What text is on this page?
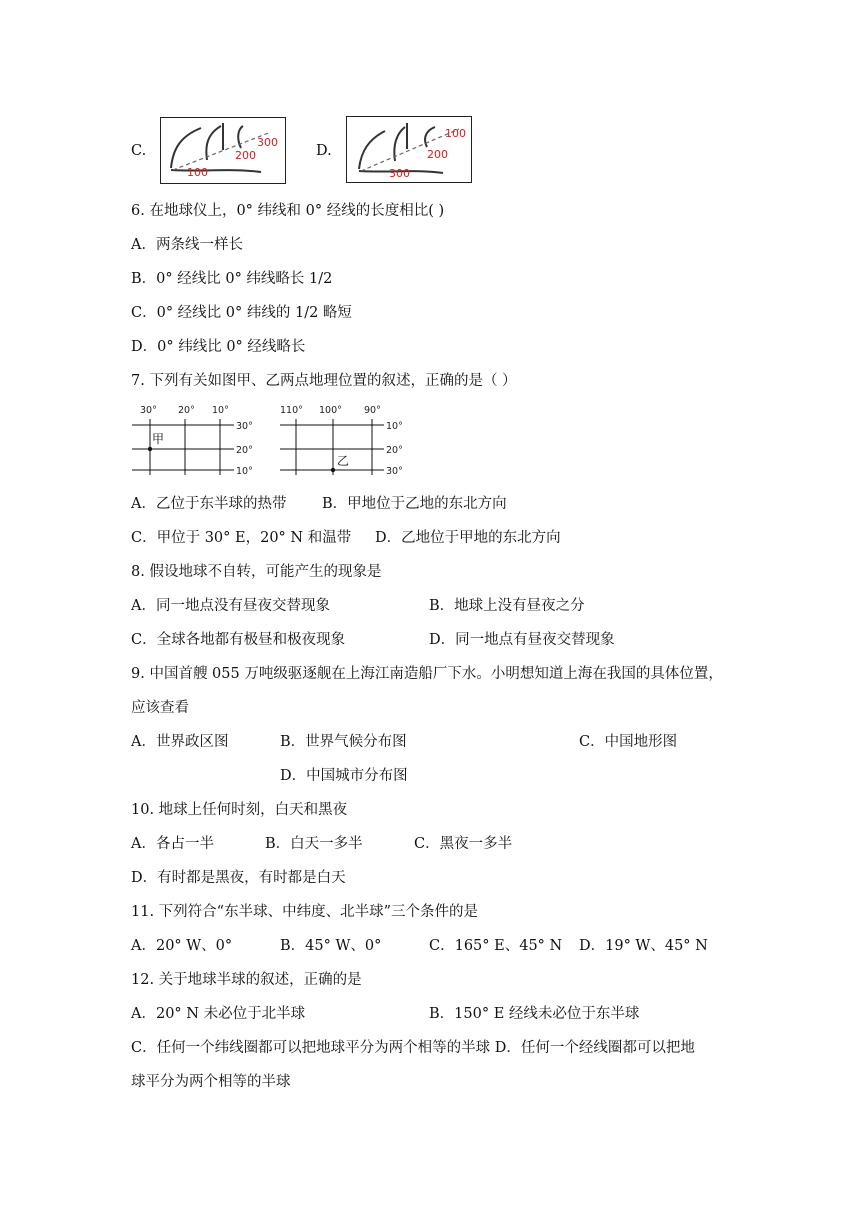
C.
300
200
100
D.
100
200
300
6. 在地球仪上，0° 纬线和 0° 经线的长度相比( )
A．两条线一样长
B．0° 经线比 0° 纬线略长 1/2
C．0° 经线比 0° 纬线的 1/2 略短
D．0° 纬线比 0° 经线略长
7. 下列有关如图甲、乙两点地理位置的叙述，正确的是（ ）
30° 20° 10°
30°
20°
10°
甲
110° 100° 90°
10°
20°
30°
乙
A．乙位于东半球的热带 B．甲地位于乙地的东北方向
C．甲位于 30° E，20° N 和温带 D．乙地位于甲地的东北方向
8. 假设地球不自转，可能产生的现象是
A．同一地点没有昼夜交替现象	B．地球上没有昼夜之分
C．全球各地都有极昼和极夜现象	D．同一地点有昼夜交替现象
9. 中国首艘 055 万吨级驱逐舰在上海江南造船厂下水。小明想知道上海在我国的具体位置，
应该查看
A．世界政区图	B．世界气候分布图	C．中国地形图
D．中国城市分布图
10. 地球上任何时刻，白天和黑夜
A．各占一半	B．白天一多半	C．黑夜一多半
D．有时都是黑夜，有时都是白天
11. 下列符合“东半球、中纬度、北半球”三个条件的是
A．20° W、0°	B．45° W、0°	C．165° E、45° N D．19° W、45° N
12. 关于地球半球的叙述，正确的是
A．20° N 未必位于北半球	B．150° E 经线未必位于东半球
C．任何一个纬线圈都可以把地球平分为两个相等的半球 D．任何一个经线圈都可以把地
球平分为两个相等的半球
